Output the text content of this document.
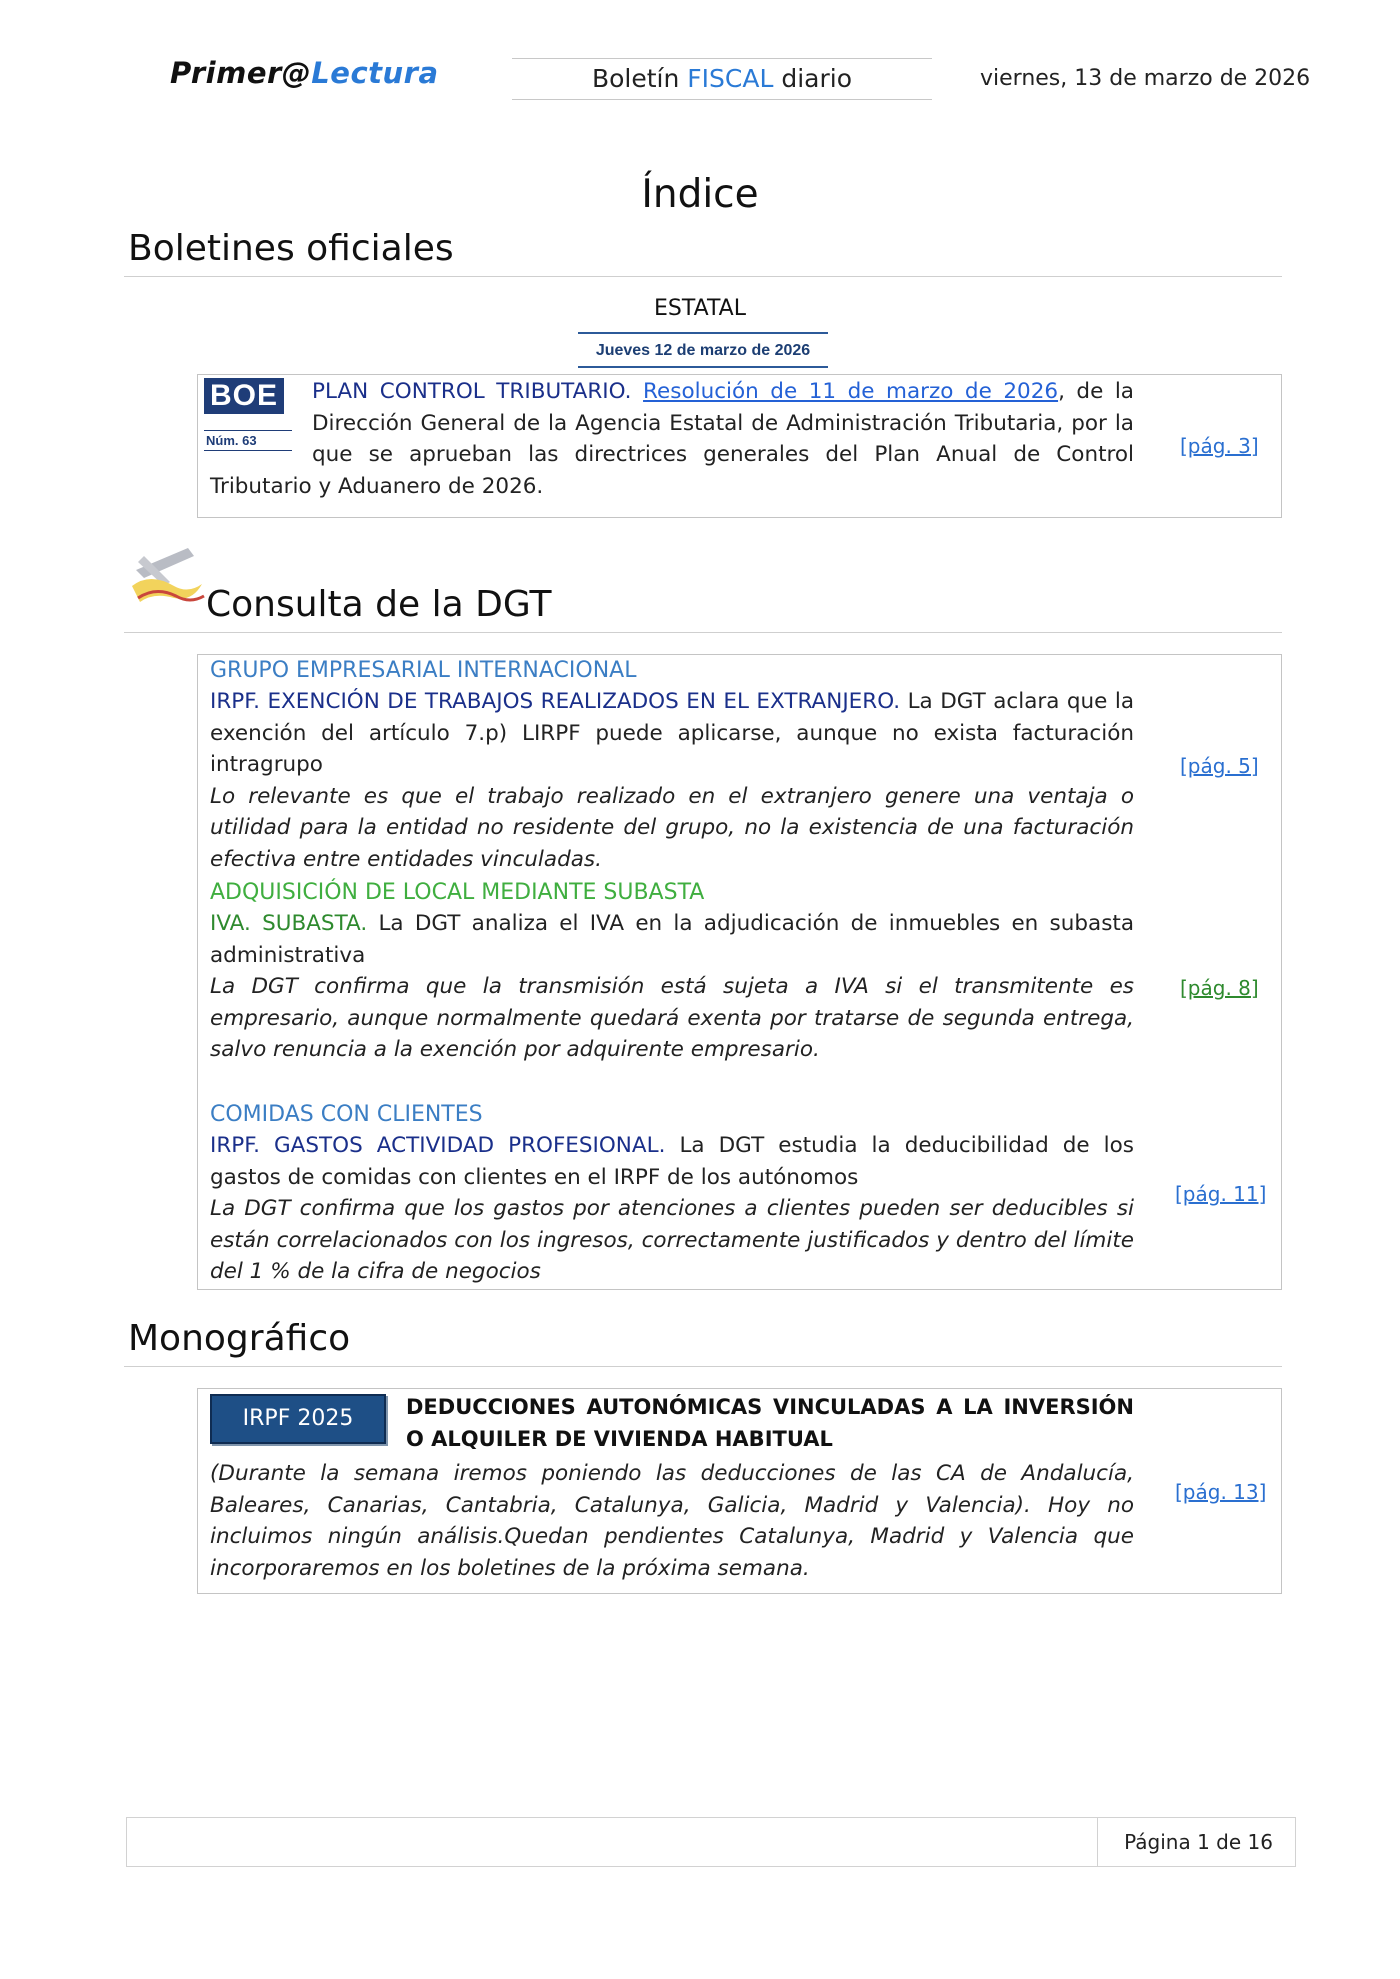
Primer@Lectura	Boletín FISCAL diario	viernes, 13 de marzo de 2026
Índice
Boletines oficiales
ESTATAL
Jueves 12 de marzo de 2026
BOE
Núm. 63
PLAN CONTROL TRIBUTARIO. Resolución de 11 de marzo de 2026, de la Dirección General de la Agencia Estatal de Administración Tributaria, por la que se aprueban las directrices generales del Plan Anual de Control Tributario y Aduanero de 2026.
[pág. 3]
Consulta de la DGT
GRUPO EMPRESARIAL INTERNACIONAL
IRPF. EXENCIÓN DE TRABAJOS REALIZADOS EN EL EXTRANJERO. La DGT aclara que la exención del artículo 7.p) LIRPF puede aplicarse, aunque no exista facturación intragrupo
Lo relevante es que el trabajo realizado en el extranjero genere una ventaja o utilidad para la entidad no residente del grupo, no la existencia de una facturación efectiva entre entidades vinculadas.
[pág. 5]
ADQUISICIÓN DE LOCAL MEDIANTE SUBASTA
IVA. SUBASTA. La DGT analiza el IVA en la adjudicación de inmuebles en subasta administrativa
La DGT confirma que la transmisión está sujeta a IVA si el transmitente es empresario, aunque normalmente quedará exenta por tratarse de segunda entrega, salvo renuncia a la exención por adquirente empresario.
[pág. 8]
COMIDAS CON CLIENTES
IRPF. GASTOS ACTIVIDAD PROFESIONAL. La DGT estudia la deducibilidad de los gastos de comidas con clientes en el IRPF de los autónomos
La DGT confirma que los gastos por atenciones a clientes pueden ser deducibles si están correlacionados con los ingresos, correctamente justificados y dentro del límite del 1 % de la cifra de negocios
[pág. 11]
Monográfico
IRPF 2025	DEDUCCIONES AUTONÓMICAS VINCULADAS A LA INVERSIÓN O ALQUILER DE VIVIENDA HABITUAL
(Durante la semana iremos poniendo las deducciones de las CA de Andalucía, Baleares, Canarias, Cantabria, Catalunya, Galicia, Madrid y Valencia). Hoy no incluimos ningún análisis.Quedan pendientes Catalunya, Madrid y Valencia que incorporaremos en los boletines de la próxima semana.
[pág. 13]
Página 1 de 16
